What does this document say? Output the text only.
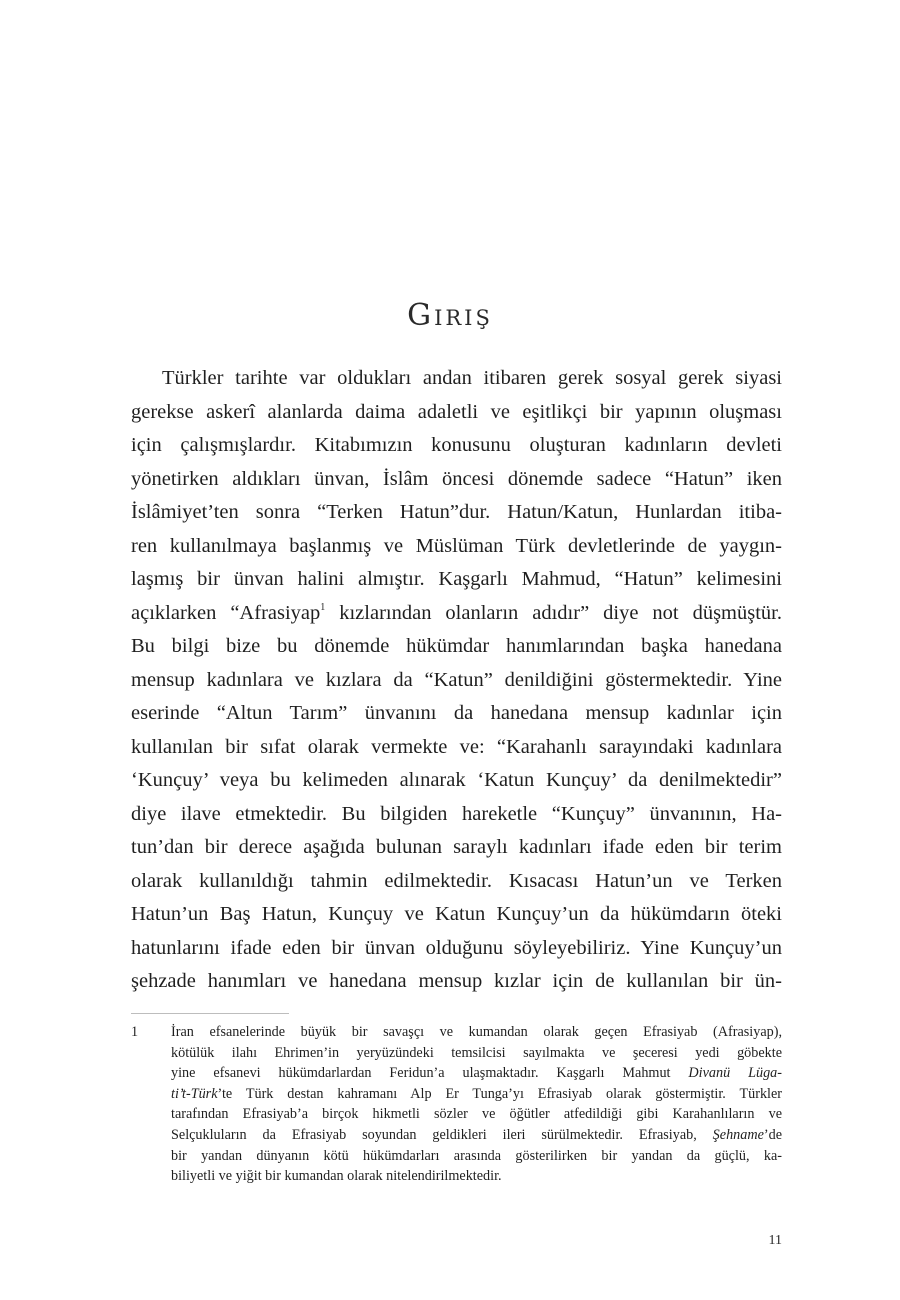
Giriş
Türkler tarihte var oldukları andan itibaren gerek sosyal gerek siyasi
gerekse askerî alanlarda daima adaletli ve eşitlikçi bir yapının oluşması
için çalışmışlardır. Kitabımızın konusunu oluşturan kadınların devleti
yönetirken aldıkları ünvan, İslâm öncesi dönemde sadece “Hatun” iken
İslâmiyet’ten sonra “Terken Hatun”dur. Hatun/Katun, Hunlardan itiba-
ren kullanılmaya başlanmış ve Müslüman Türk devletlerinde de yaygın-
laşmış bir ünvan halini almıştır. Kaşgarlı Mahmud, “Hatun” kelimesini
açıklarken “Afrasiyap$^1$ kızlarından olanların adıdır” diye not düşmüştür.
Bu bilgi bize bu dönemde hükümdar hanımlarından başka hanedana
mensup kadınlara ve kızlara da “Katun” denildiğini göstermektedir. Yine
eserinde “Altun Tarım” ünvanını da hanedana mensup kadınlar için
kullanılan bir sıfat olarak vermekte ve: “Karahanlı sarayındaki kadınlara
‘Kunçuy’ veya bu kelimeden alınarak ‘Katun Kunçuy’ da denilmektedir”
diye ilave etmektedir. Bu bilgiden hareketle “Kunçuy” ünvanının, Ha-
tun’dan bir derece aşağıda bulunan saraylı kadınları ifade eden bir terim
olarak kullanıldığı tahmin edilmektedir. Kısacası Hatun’un ve Terken
Hatun’un Baş Hatun, Kunçuy ve Katun Kunçuy’un da hükümdarın öteki
hatunlarını ifade eden bir ünvan olduğunu söyleyebiliriz. Yine Kunçuy’un
şehzade hanımları ve hanedana mensup kızlar için de kullanılan bir ün-
1 İran efsanelerinde büyük bir savaşçı ve kumandan olarak geçen Efrasiyab (Afrasiyap),
kötülük ilahı Ehrimen’in yeryüzündeki temsilcisi sayılmakta ve şeceresi yedi göbekte
yine efsanevi hükümdarlardan Feridun’a ulaşmaktadır. Kaşgarlı Mahmut Divanü Lüga-
ti’t-Türk’te Türk destan kahramanı Alp Er Tunga’yı Efrasiyab olarak göstermiştir. Türkler
tarafından Efrasiyab’a birçok hikmetli sözler ve öğütler atfedildiği gibi Karahanlıların ve
Selçukluların da Efrasiyab soyundan geldikleri ileri sürülmektedir. Efrasiyab, Şehname’de
bir yandan dünyanın kötü hükümdarları arasında gösterilirken bir yandan da güçlü, ka-
biliyetli ve yiğit bir kumandan olarak nitelendirilmektedir.
11
